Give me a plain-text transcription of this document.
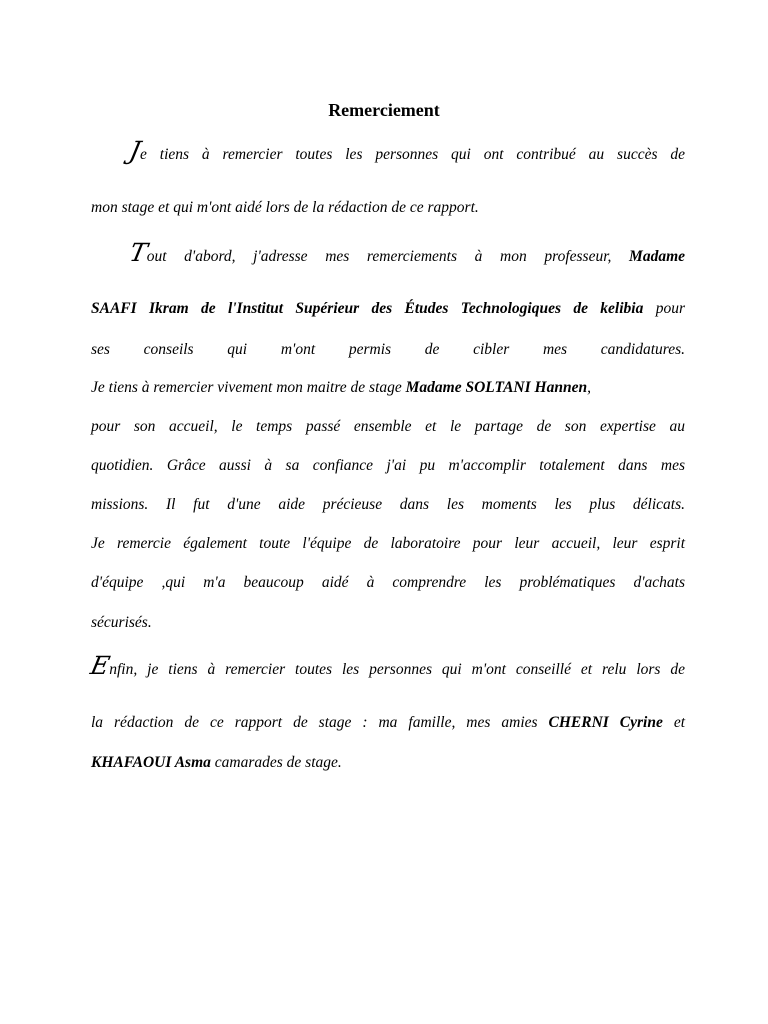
Remerciement
Je tiens à remercier toutes les personnes qui ont contribué au succès de
mon stage et qui m'ont aidé lors de la rédaction de ce rapport.
Tout d'abord, j'adresse mes remerciements à mon professeur, Madame
SAAFI Ikram de l'Institut Supérieur des Études Technologiques de kelibia pour
ses conseils qui m'ont permis de cibler mes candidatures.
Je tiens à remercier vivement mon maitre de stage Madame SOLTANI Hannen,
pour son accueil, le temps passé ensemble et le partage de son expertise au
quotidien. Grâce aussi à sa confiance j'ai pu m'accomplir totalement dans mes
missions. Il fut d'une aide précieuse dans les moments les plus délicats.
Je remercie également toute l'équipe de laboratoire pour leur accueil, leur esprit
d'équipe ,qui m'a beaucoup aidé à comprendre les problématiques d'achats
sécurisés.
Enfin, je tiens à remercier toutes les personnes qui m'ont conseillé et relu lors de
la rédaction de ce rapport de stage : ma famille, mes amies CHERNI Cyrine et
KHAFAOUI Asma camarades de stage.
